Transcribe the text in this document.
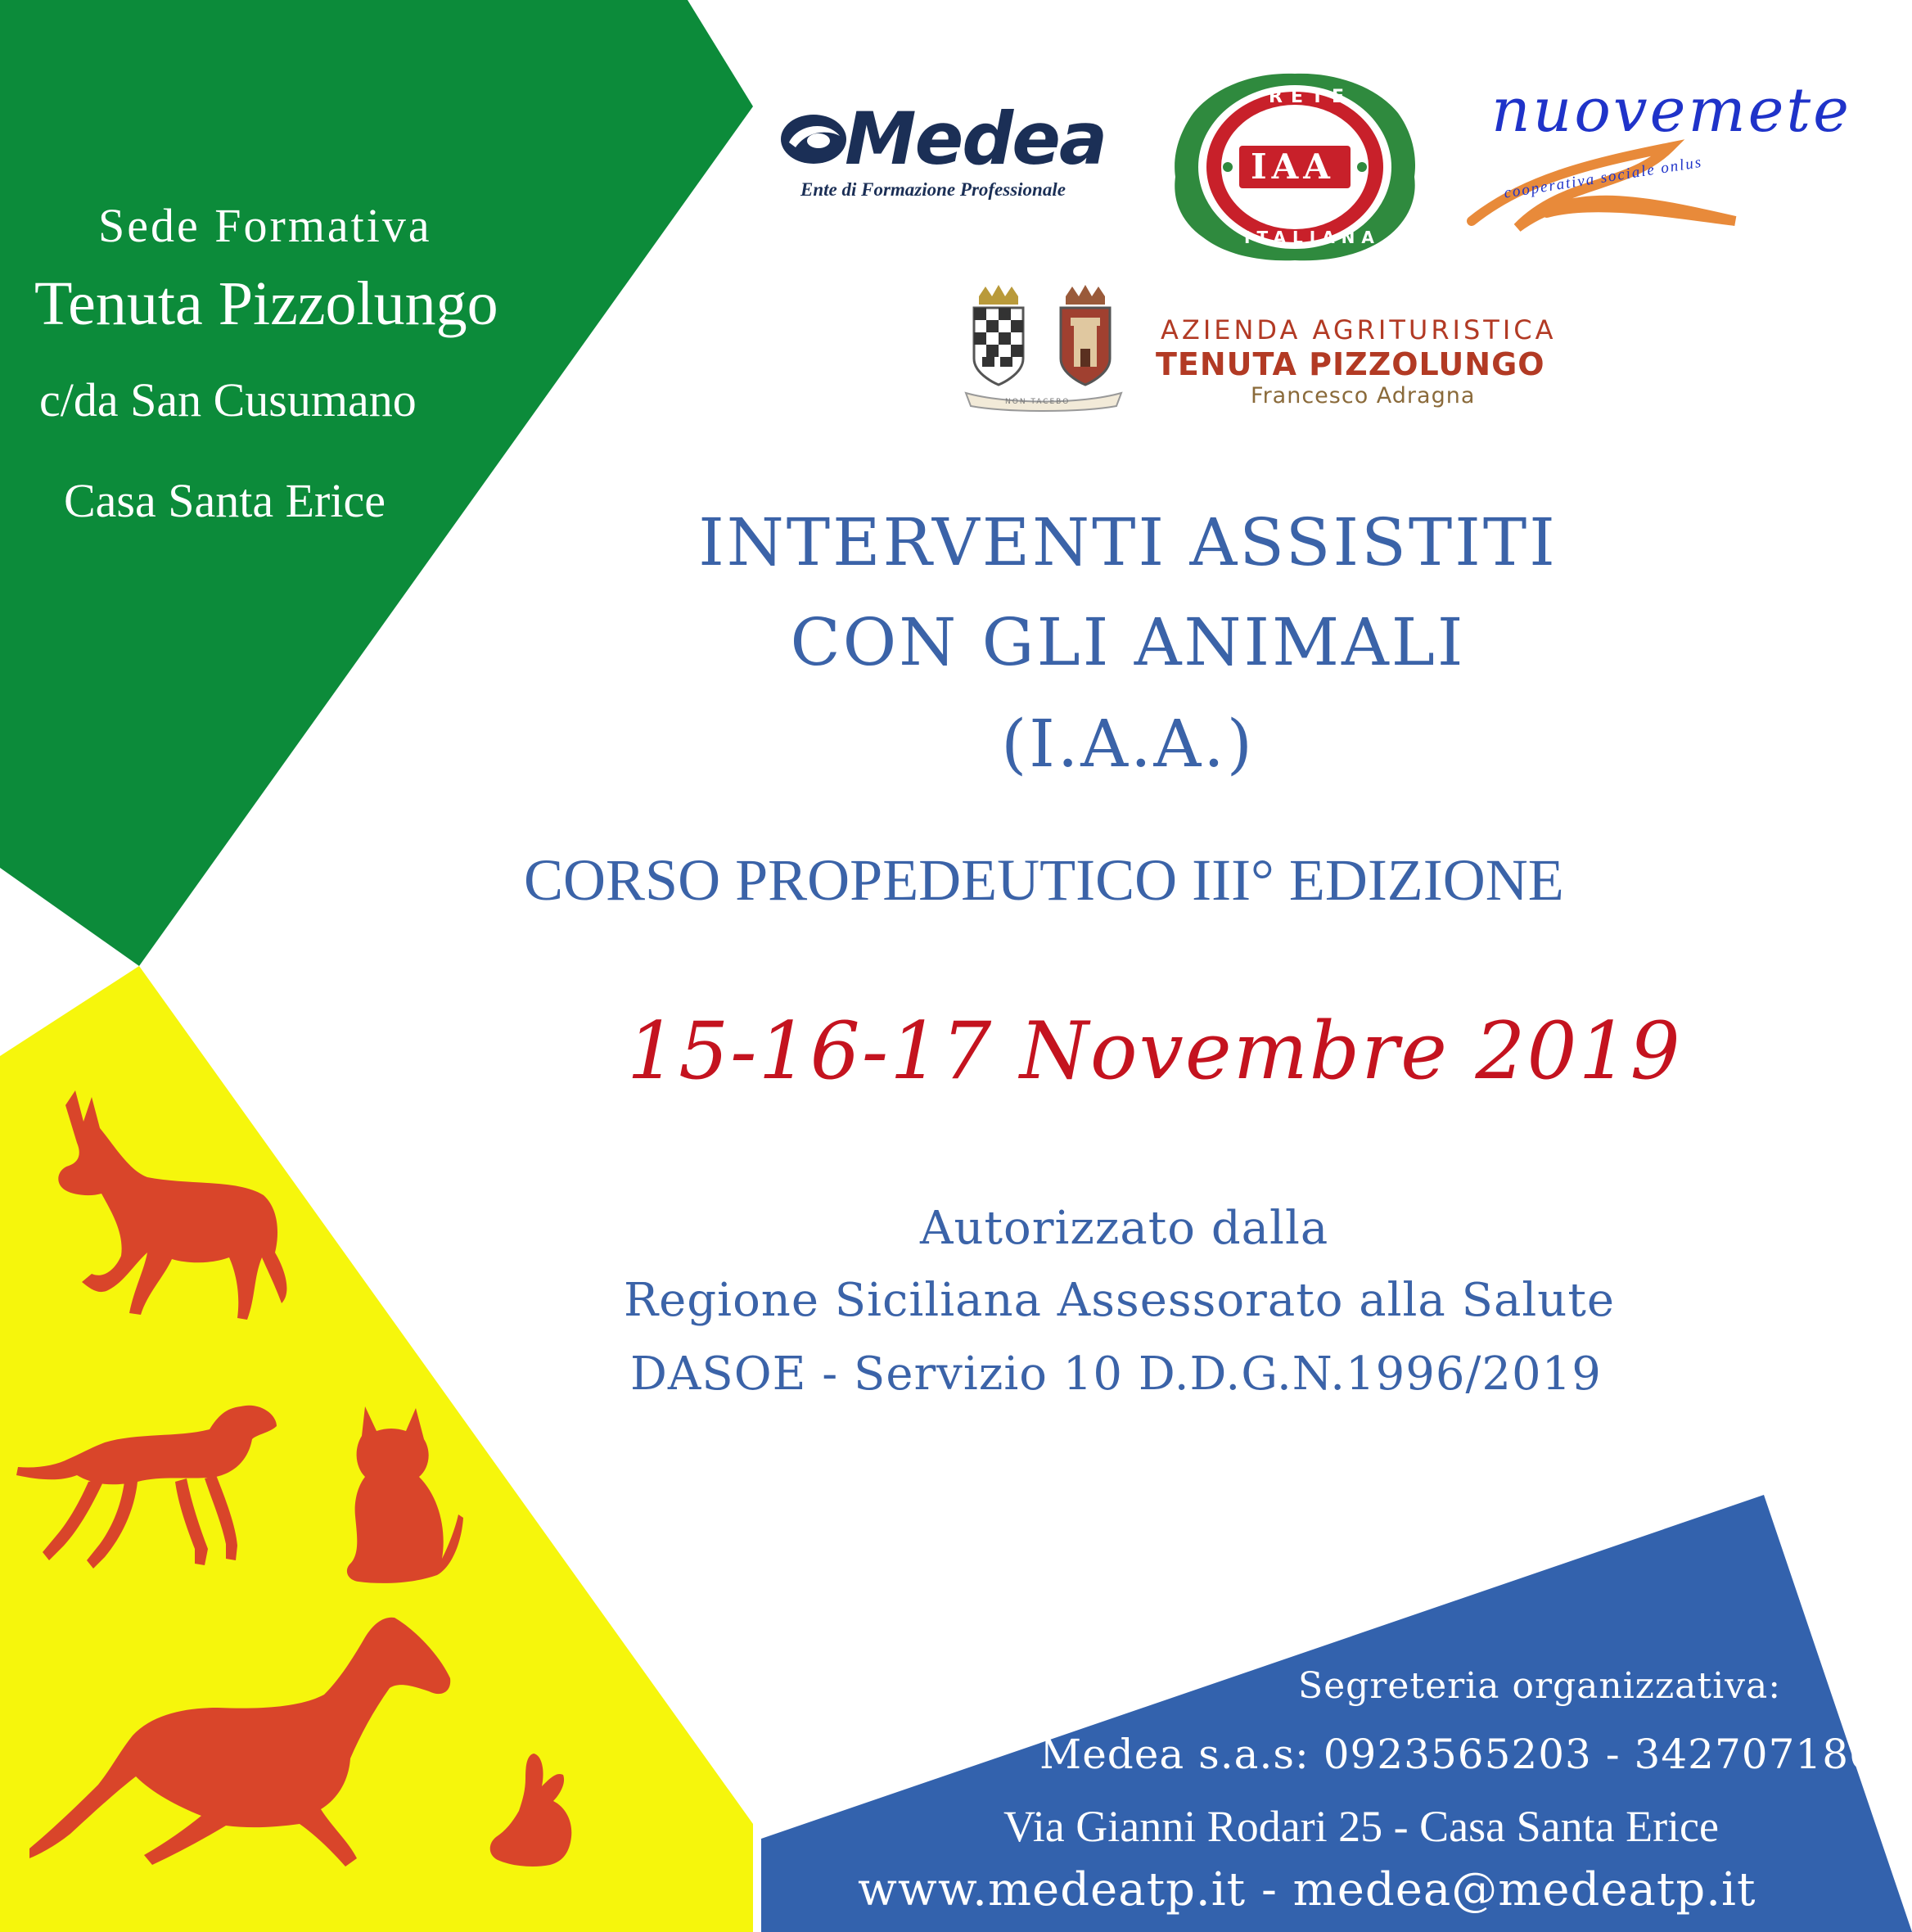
Sede Formativa
Tenuta Pizzolungo
c/da San Cusumano
Casa Santa Erice
Medea
Ente di Formazione Professionale
RETE
IAA
ITALIANA
nuovemete
cooperativa sociale onlus
NON TACEBO
AZIENDA AGRITURISTICA
TENUTA PIZZOLUNGO
Francesco Adragna
INTERVENTI ASSISTITI
CON GLI ANIMALI
(I.A.A.)
CORSO PROPEDEUTICO III° EDIZIONE
15-16-17 Novembre 2019
Autorizzato dalla
Regione Siciliana Assessorato alla Salute
DASOE - Servizio 10 D.D.G.N.1996/2019
Segreteria organizzativa:
Medea s.a.s: 0923565203 - 3427071861
Via Gianni Rodari 25 - Casa Santa Erice
www.medeatp.it - medea@medeatp.it
